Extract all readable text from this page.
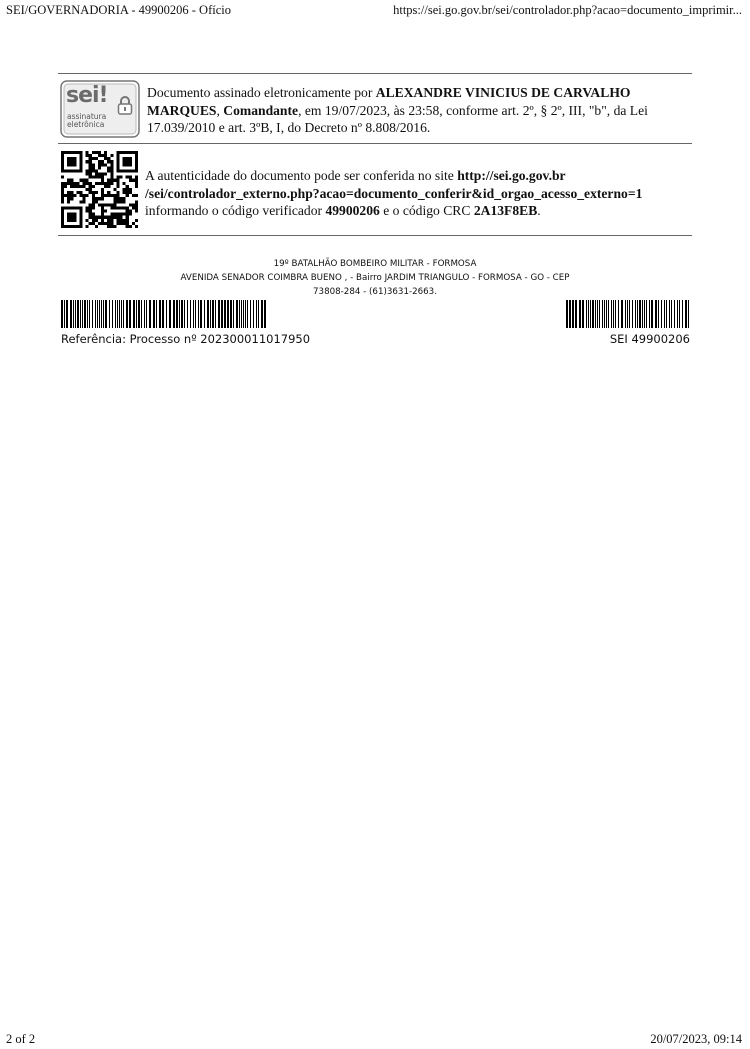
SEI/GOVERNADORIA - 49900206 - Ofício	https://sei.go.gov.br/sei/controlador.php?acao=documento_imprimir...
sei!
assinatura
eletrônica
Documento assinado eletronicamente por ALEXANDRE VINICIUS DE CARVALHO MARQUES, Comandante, em 19/07/2023, às 23:58, conforme art. 2º, § 2º, III, "b", da Lei 17.039/2010 e art. 3ºB, I, do Decreto nº 8.808/2016.
A autenticidade do documento pode ser conferida no site http://sei.go.gov.br /sei/controlador_externo.php?acao=documento_conferir&id_orgao_acesso_externo=1 informando o código verificador 49900206 e o código CRC 2A13F8EB.
19º BATALHÃO BOMBEIRO MILITAR - FORMOSA
AVENIDA SENADOR COIMBRA BUENO , - Bairro JARDIM TRIANGULO - FORMOSA - GO - CEP
73808-284 - (61)3631-2663.
Referência: Processo nº 202300011017950	SEI 49900206
2 of 2	20/07/2023, 09:14
